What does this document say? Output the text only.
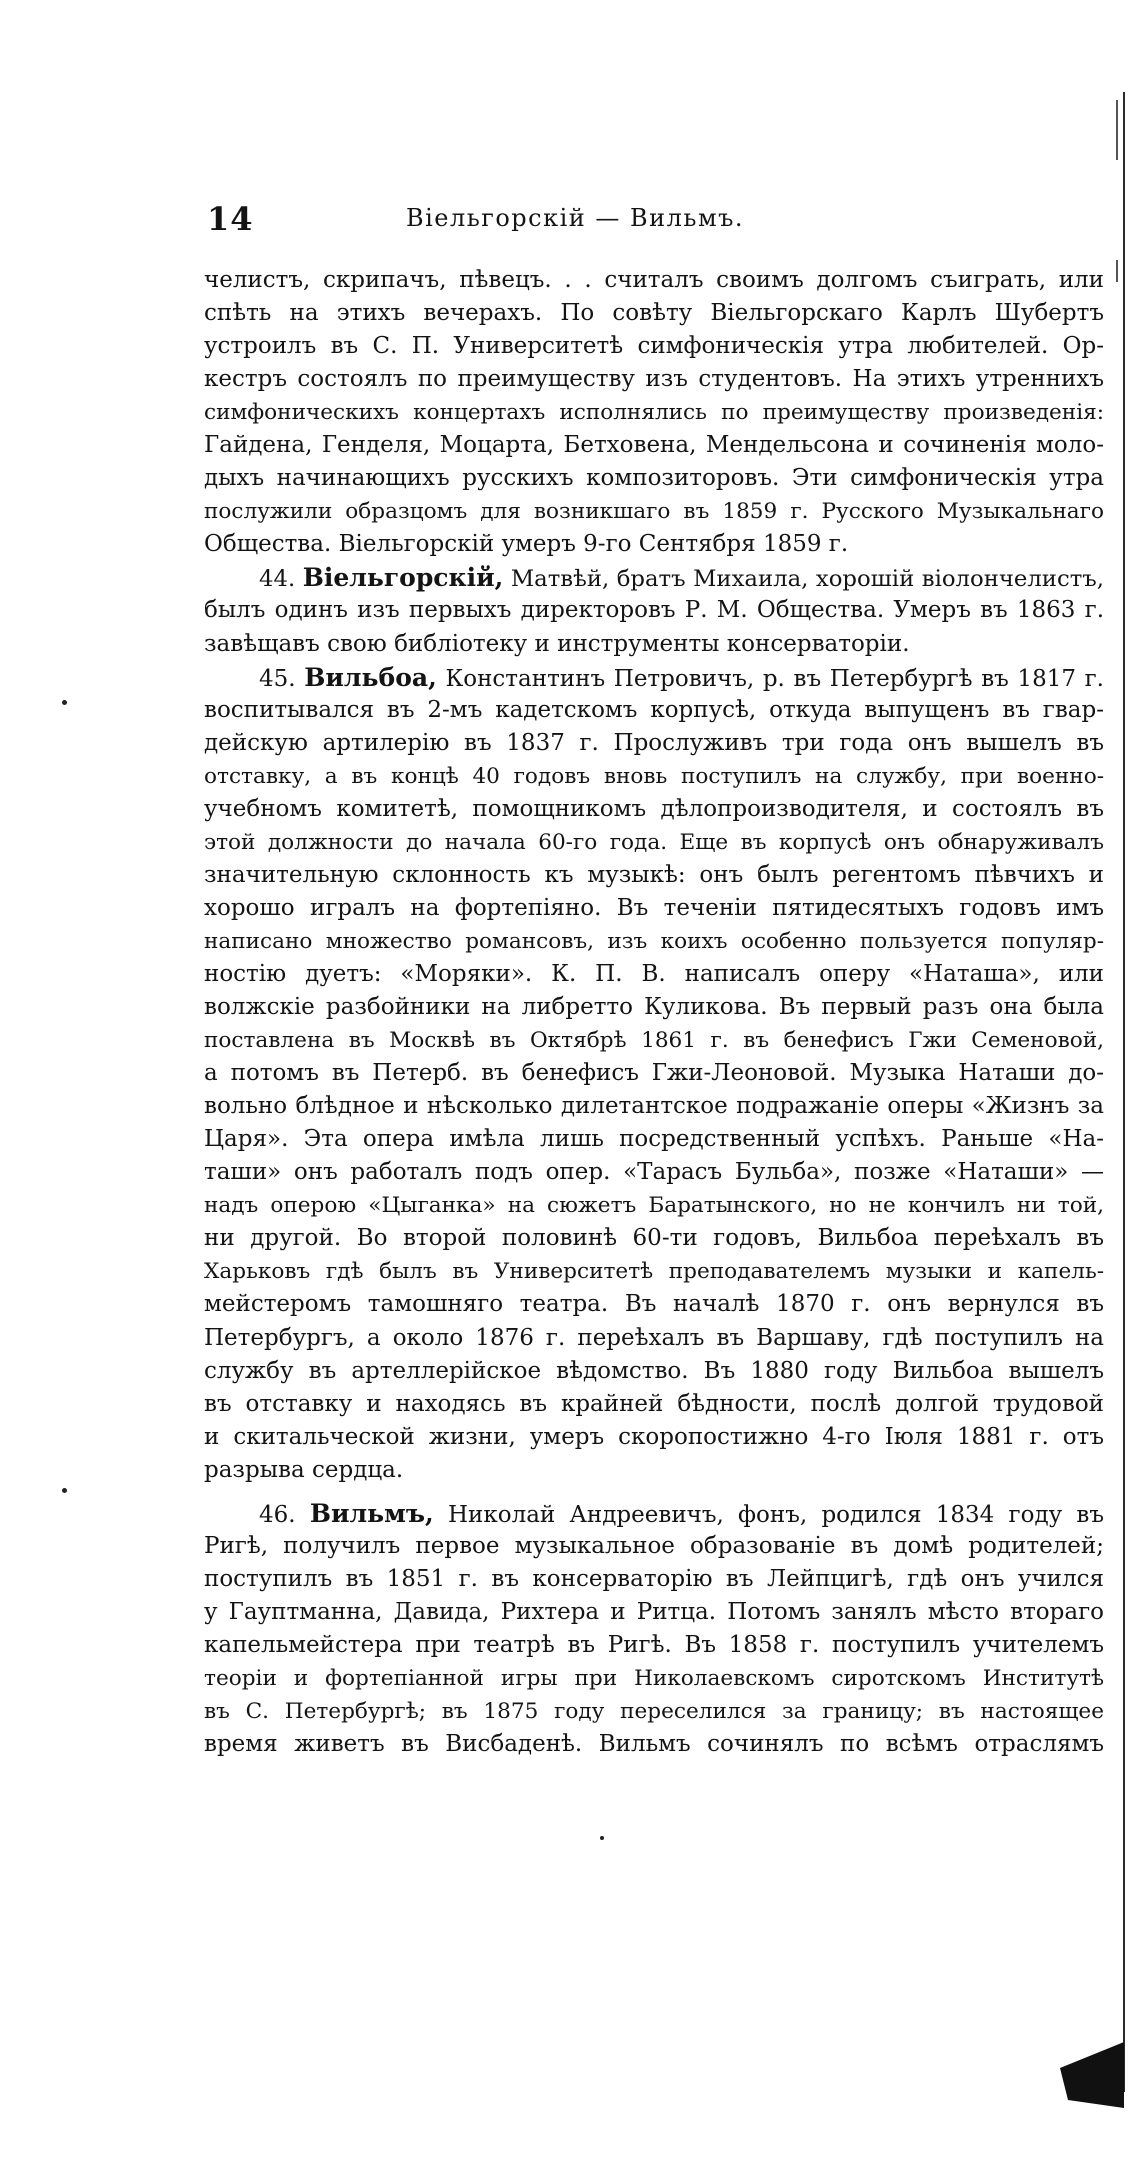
14	Віельгорскій — Вильмъ.
челистъ, скрипачъ, пѣвецъ. . . считалъ своимъ долгомъ съиграть, или
спѣть на этихъ вечерахъ. По совѣту Віельгорскаго Карлъ Шубертъ
устроилъ въ С. П. Университетѣ симфоническія утра любителей. Ор-
кестръ состоялъ по преимуществу изъ студентовъ. На этихъ утреннихъ
симфоническихъ концертахъ исполнялись по преимуществу произведенія:
Гайдена, Генделя, Моцарта, Бетховена, Мендельсона и сочиненія моло-
дыхъ начинающихъ русскихъ композиторовъ. Эти симфоническія утра
послужили образцомъ для возникшаго въ 1859 г. Русского Музыкальнаго
Общества. Віельгорскій умеръ 9-го Сентября 1859 г.
44. Віельгорскій, Матвѣй, братъ Михаила, хорошій віолончелистъ,
былъ одинъ изъ первыхъ директоровъ Р. М. Общества. Умеръ въ 1863 г.
завѣщавъ свою библіотеку и инструменты консерваторіи.
45. Вильбоа, Константинъ Петровичъ, р. въ Петербургѣ въ 1817 г.
воспитывался въ 2-мъ кадетскомъ корпусѣ, откуда выпущенъ въ гвар-
дейскую артилерію въ 1837 г. Прослуживъ три года онъ вышелъ въ
отставку, а въ концѣ 40 годовъ вновь поступилъ на службу, при военно-
учебномъ комитетѣ, помощникомъ дѣлопроизводителя, и состоялъ въ
этой должности до начала 60-го года. Еще въ корпусѣ онъ обнаруживалъ
значительную склонность къ музыкѣ: онъ былъ регентомъ пѣвчихъ и
хорошо игралъ на фортепіяно. Въ теченіи пятидесятыхъ годовъ имъ
написано множество романсовъ, изъ коихъ особенно пользуется популяр-
ностію дуетъ: «Моряки». К. П. В. написалъ оперу «Наташа», или
волжскіе разбойники на либретто Куликова. Въ первый разъ она была
поставлена въ Москвѣ въ Октябрѣ 1861 г. въ бенефисъ Гжи Семеновой,
а потомъ въ Петерб. въ бенефисъ Гжи-Леоновой. Музыка Наташи до-
вольно блѣдное и нѣсколько дилетантское подражаніе оперы «Жизнъ за
Царя». Эта опера имѣла лишь посредственный успѣхъ. Раньше «На-
таши» онъ работалъ подъ опер. «Тарасъ Бульба», позже «Наташи» —
надъ оперою «Цыганка» на сюжетъ Баратынского, но не кончилъ ни той,
ни другой. Во второй половинѣ 60-ти годовъ, Вильбоа переѣхалъ въ
Харьковъ гдѣ былъ въ Университетѣ преподавателемъ музыки и капель-
мейстеромъ тамошняго театра. Въ началѣ 1870 г. онъ вернулся въ
Петербургъ, а около 1876 г. переѣхалъ въ Варшаву, гдѣ поступилъ на
службу въ артеллерійское вѣдомство. Въ 1880 году Вильбоа вышелъ
въ отставку и находясь въ крайней бѣдности, послѣ долгой трудовой
и скитальческой жизни, умеръ скоропостижно 4-го Іюля 1881 г. отъ
разрыва сердца.
46. Вильмъ, Николай Андреевичъ, фонъ, родился 1834 году въ
Ригѣ, получилъ первое музыкальное образованіе въ домѣ родителей;
поступилъ въ 1851 г. въ консерваторію въ Лейпцигѣ, гдѣ онъ учился
у Гауптманна, Давида, Рихтера и Ритца. Потомъ занялъ мѣсто втораго
капельмейстера при театрѣ въ Ригѣ. Въ 1858 г. поступилъ учителемъ
теоріи и фортепіанной игры при Николаевскомъ сиротскомъ Институтѣ
въ С. Петербургѣ; въ 1875 году переселился за границу; въ настоящее
время живетъ въ Висбаденѣ. Вильмъ сочинялъ по всѣмъ отраслямъ
